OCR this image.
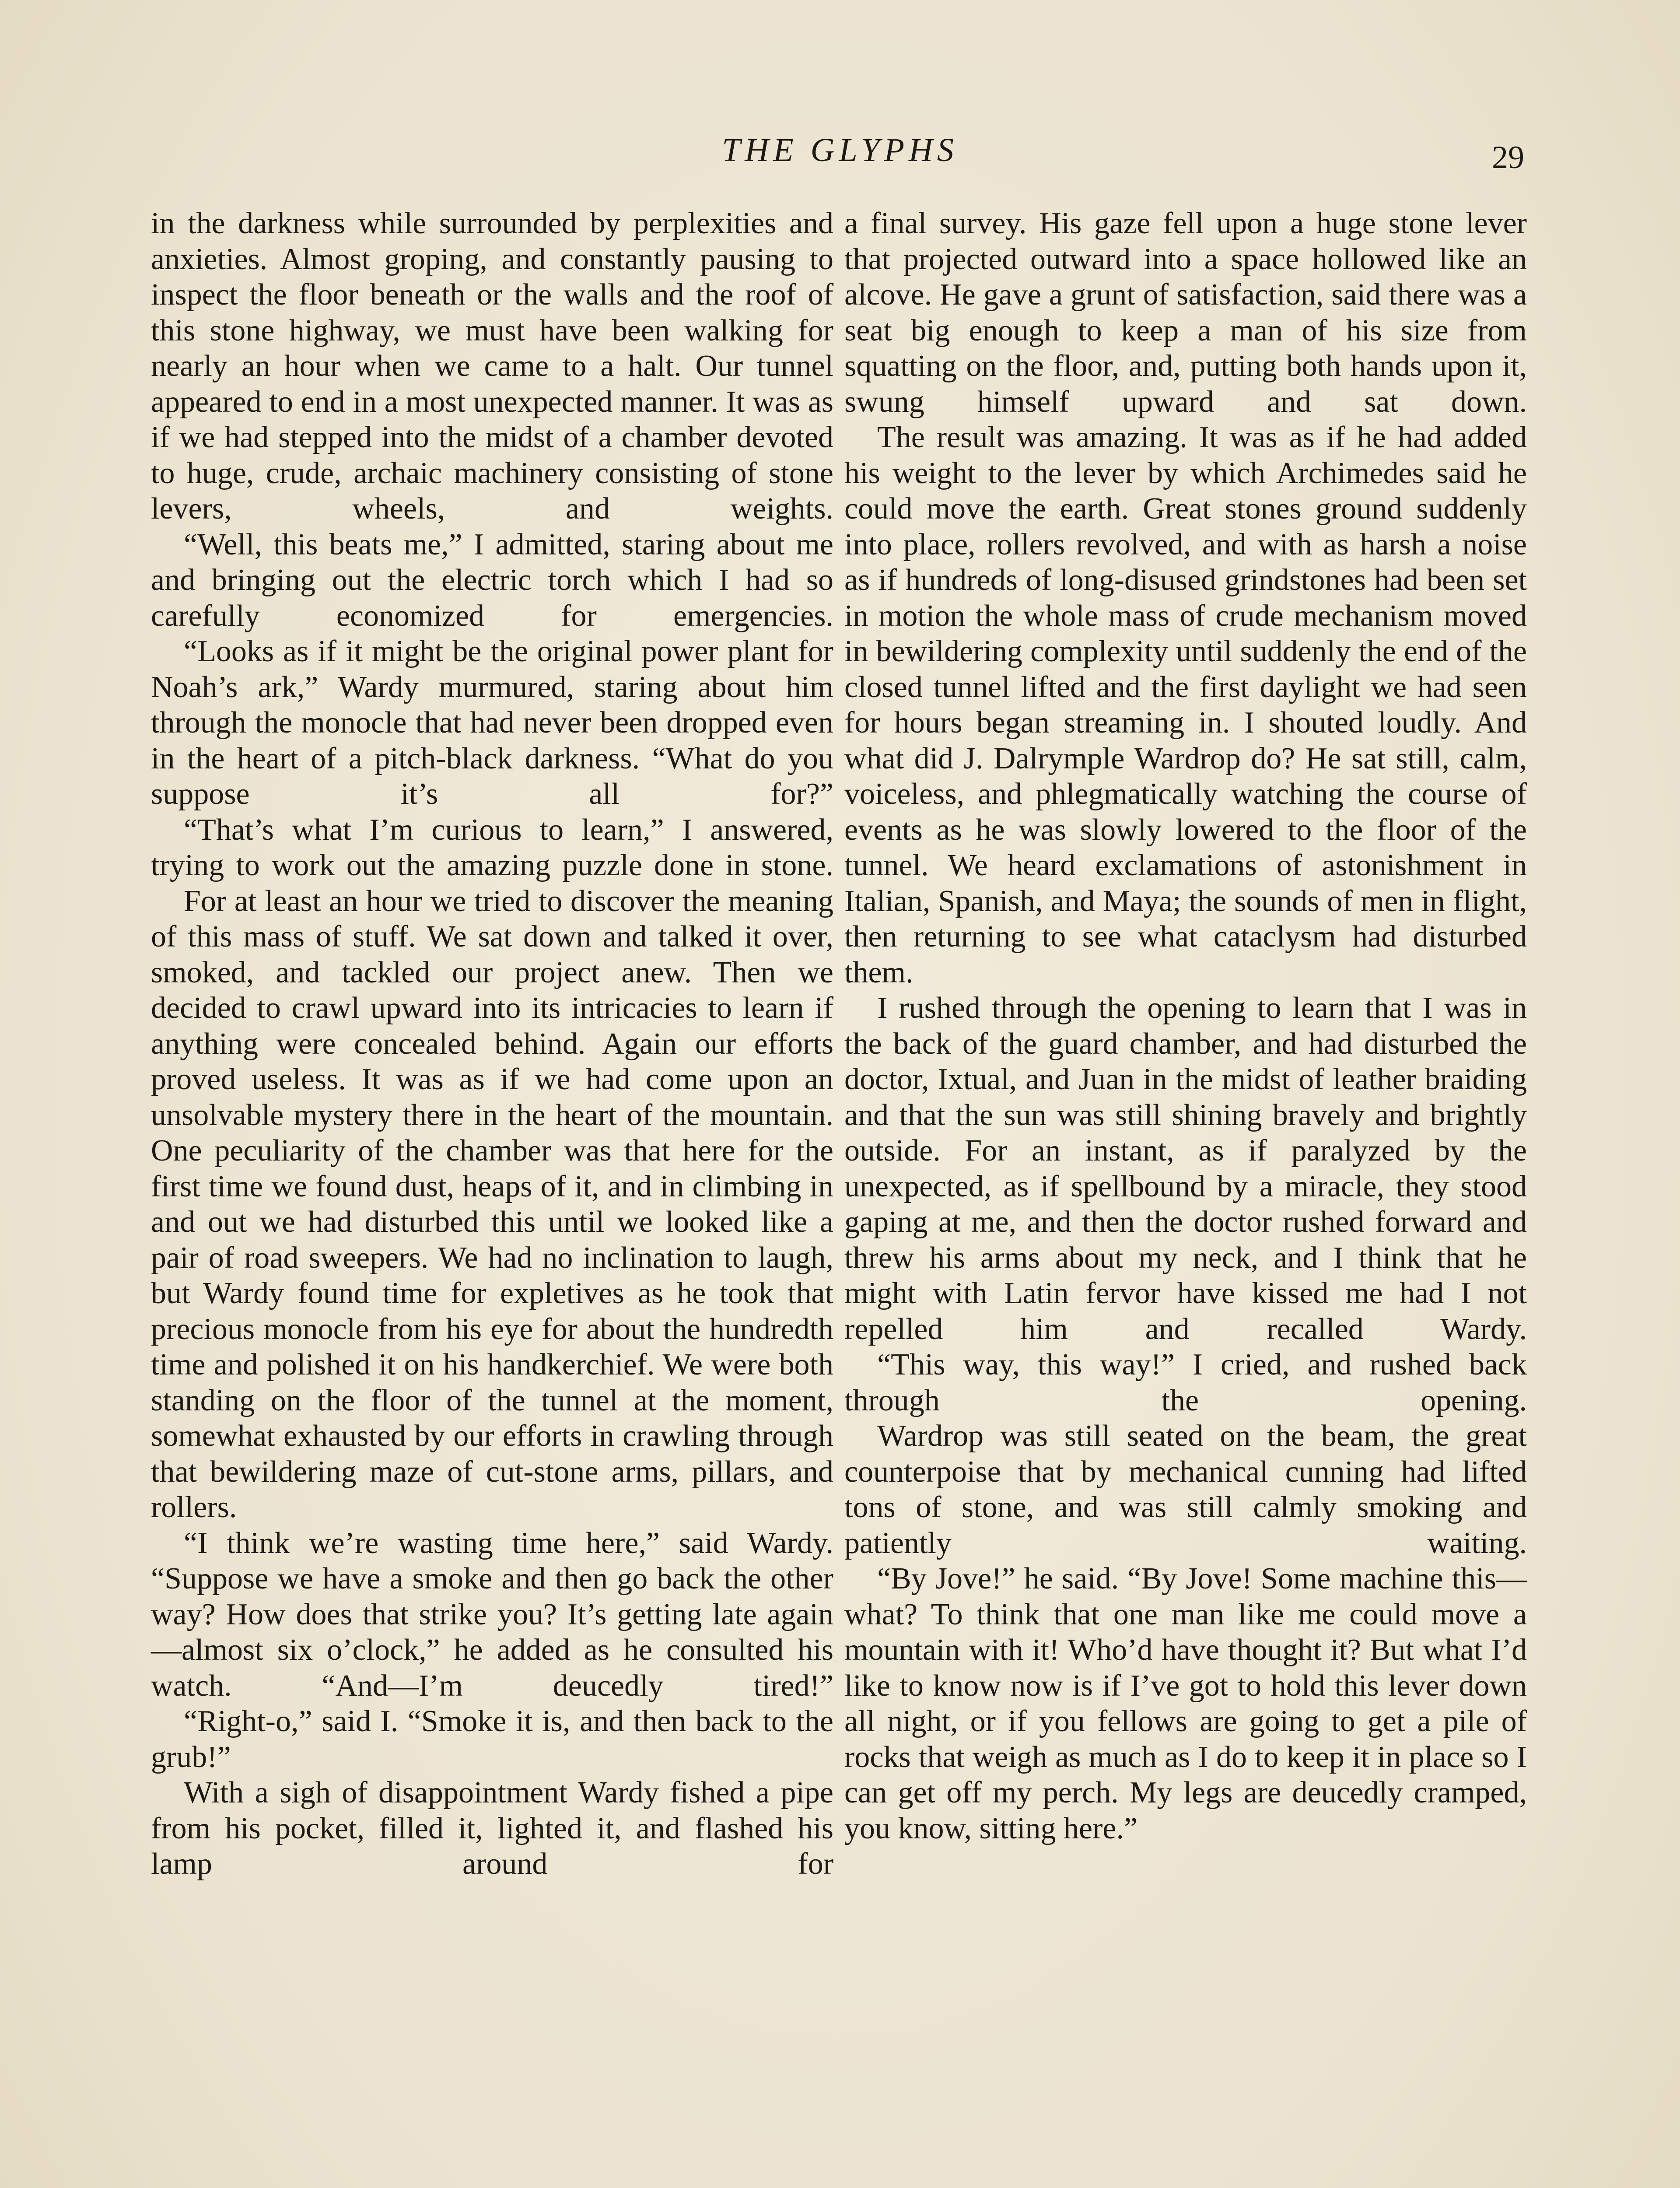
THE GLYPHS	29

in the darkness while surrounded by perplexities and anxieties. Almost groping, and constantly pausing to inspect the floor beneath or the walls and the roof of this stone highway, we must have been walking for nearly an hour when we came to a halt. Our tunnel appeared to end in a most unexpected manner. It was as if we had stepped into the midst of a chamber devoted to huge, crude, archaic machinery consisting of stone levers, wheels, and weights.

“Well, this beats me,” I admitted, staring about me and bringing out the electric torch which I had so carefully economized for emergencies.

“Looks as if it might be the original power plant for Noah’s ark,” Wardy murmured, staring about him through the monocle that had never been dropped even in the heart of a pitch-black darkness. “What do you suppose it’s all for?”

“That’s what I’m curious to learn,” I answered, trying to work out the amazing puzzle done in stone.

For at least an hour we tried to discover the meaning of this mass of stuff. We sat down and talked it over, smoked, and tackled our project anew. Then we decided to crawl upward into its intricacies to learn if anything were concealed behind. Again our efforts proved useless. It was as if we had come upon an unsolvable mystery there in the heart of the mountain. One peculiarity of the chamber was that here for the first time we found dust, heaps of it, and in climbing in and out we had disturbed this until we looked like a pair of road sweepers. We had no inclination to laugh, but Wardy found time for expletives as he took that precious monocle from his eye for about the hundredth time and polished it on his handkerchief. We were both standing on the floor of the tunnel at the moment, somewhat exhausted by our efforts in crawling through that bewildering maze of cut-stone arms, pillars, and rollers.

“I think we’re wasting time here,” said Wardy. “Suppose we have a smoke and then go back the other way? How does that strike you? It’s getting late again—almost six o’clock,” he added as he consulted his watch. “And—I’m deucedly tired!”

“Right-o,” said I. “Smoke it is, and then back to the grub!”

With a sigh of disappointment Wardy fished a pipe from his pocket, filled it, lighted it, and flashed his lamp around for

a final survey. His gaze fell upon a huge stone lever that projected outward into a space hollowed like an alcove. He gave a grunt of satisfaction, said there was a seat big enough to keep a man of his size from squatting on the floor, and, putting both hands upon it, swung himself upward and sat down.

The result was amazing. It was as if he had added his weight to the lever by which Archimedes said he could move the earth. Great stones ground suddenly into place, rollers revolved, and with as harsh a noise as if hundreds of long-disused grindstones had been set in motion the whole mass of crude mechanism moved in bewildering complexity until suddenly the end of the closed tunnel lifted and the first daylight we had seen for hours began streaming in. I shouted loudly. And what did J. Dalrymple Wardrop do? He sat still, calm, voiceless, and phlegmatically watching the course of events as he was slowly lowered to the floor of the tunnel. We heard exclamations of astonishment in Italian, Spanish, and Maya; the sounds of men in flight, then returning to see what cataclysm had disturbed them.

I rushed through the opening to learn that I was in the back of the guard chamber, and had disturbed the doctor, Ixtual, and Juan in the midst of leather braiding and that the sun was still shining bravely and brightly outside. For an instant, as if paralyzed by the unexpected, as if spellbound by a miracle, they stood gaping at me, and then the doctor rushed forward and threw his arms about my neck, and I think that he might with Latin fervor have kissed me had I not repelled him and recalled Wardy.

“This way, this way!” I cried, and rushed back through the opening.

Wardrop was still seated on the beam, the great counterpoise that by mechanical cunning had lifted tons of stone, and was still calmly smoking and patiently waiting.

“By Jove!” he said. “By Jove! Some machine this—what? To think that one man like me could move a mountain with it! Who’d have thought it? But what I’d like to know now is if I’ve got to hold this lever down all night, or if you fellows are going to get a pile of rocks that weigh as much as I do to keep it in place so I can get off my perch. My legs are deucedly cramped, you know, sitting here.”
